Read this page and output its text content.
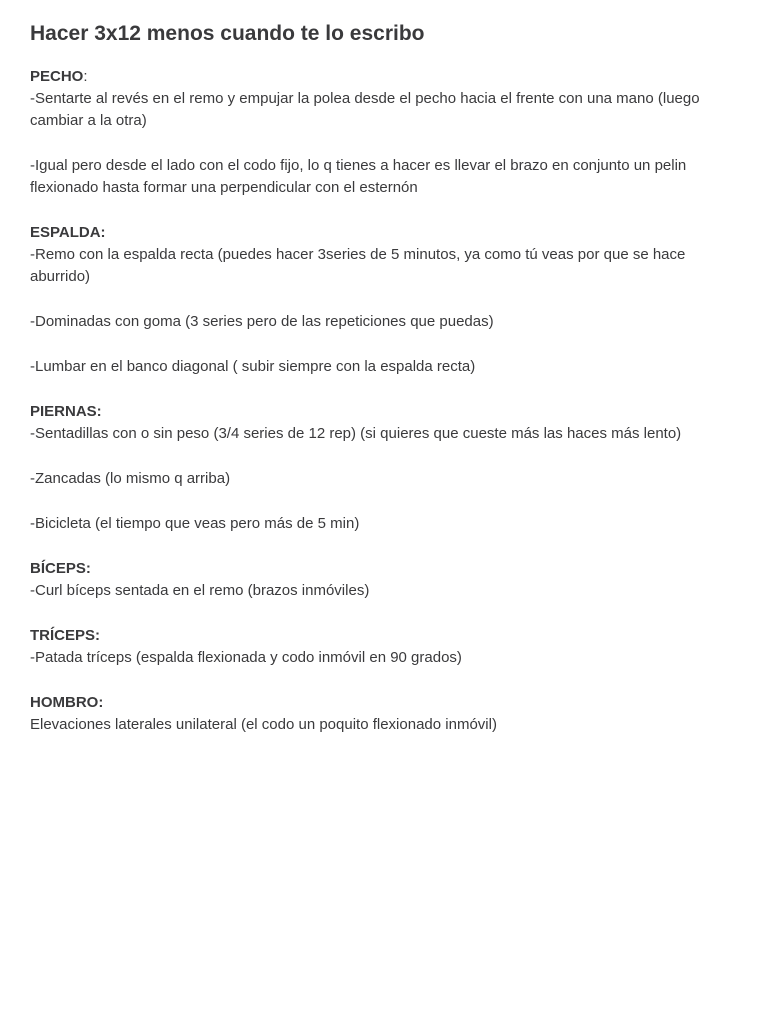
Hacer 3x12 menos cuando te lo escribo
PECHO:

-Sentarte al revés en el remo y empujar la polea desde el pecho hacia el frente con una mano (luego cambiar a la otra)

-Igual pero desde el lado con el codo fijo, lo q tienes a hacer es llevar el brazo en conjunto un pelin flexionado hasta formar una perpendicular con el esternón

ESPALDA:

-Remo con la espalda recta (puedes hacer 3series de 5 minutos, ya como tú veas por que se hace aburrido)

-Dominadas con goma (3 series pero de las repeticiones que puedas)

-Lumbar en el banco diagonal ( subir siempre con la espalda recta)

PIERNAS:

-Sentadillas con o sin peso (3/4 series de 12 rep) (si quieres que cueste más las haces más lento)

-Zancadas (lo mismo q arriba)

-Bicicleta (el tiempo que veas pero más de 5 min)

BÍCEPS:

-Curl bíceps sentada en el remo (brazos inmóviles)

TRÍCEPS:

-Patada tríceps (espalda flexionada y codo inmóvil en 90 grados)

HOMBRO:

Elevaciones laterales unilateral (el codo un poquito flexionado inmóvil)
